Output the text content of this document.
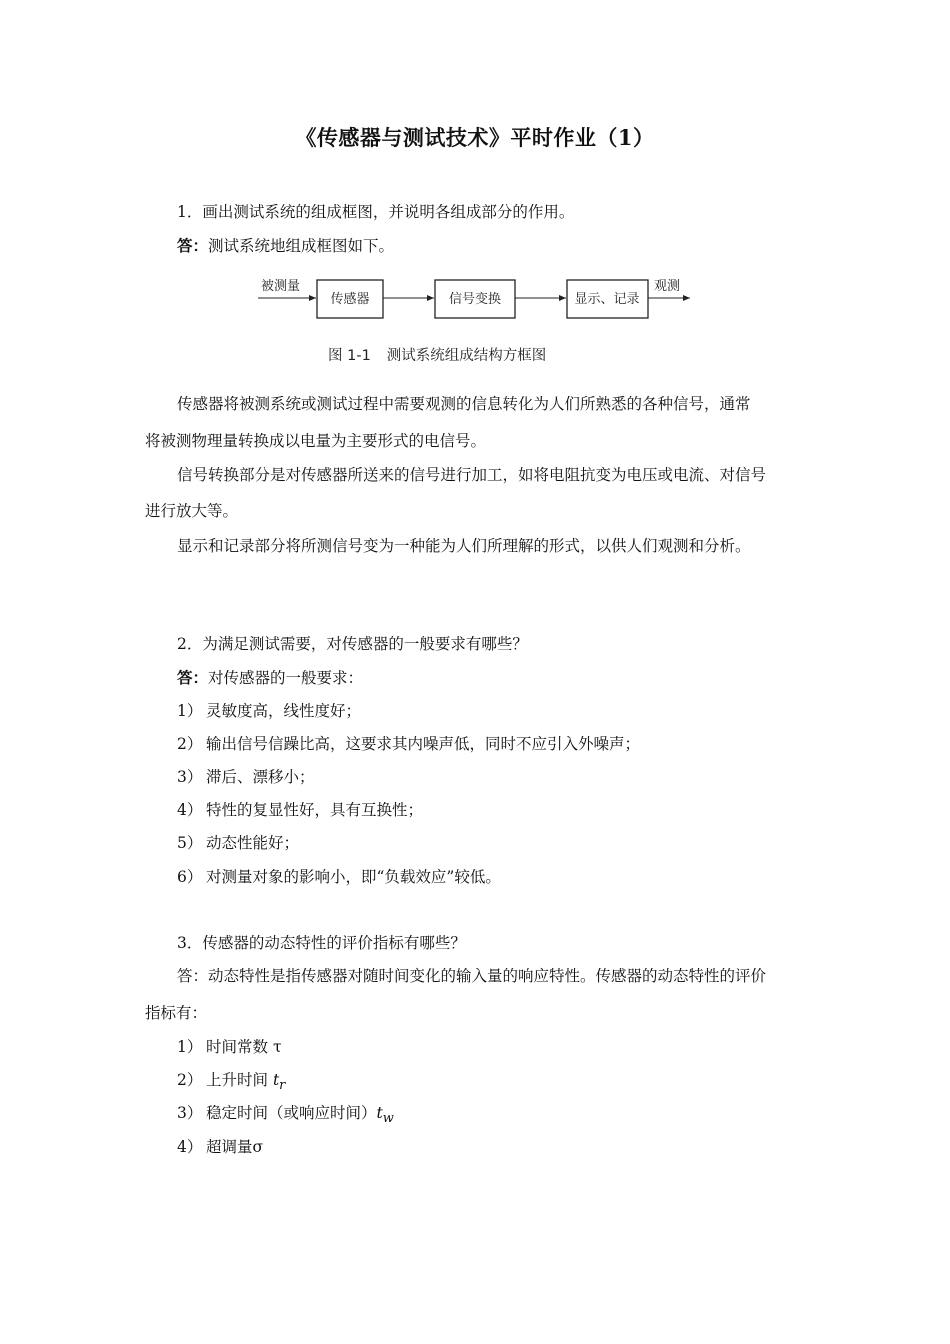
《传感器与测试技术》平时作业（1）
1．画出测试系统的组成框图，并说明各组成部分的作用。
答：测试系统地组成框图如下。
被测量
传感器	信号变换	显示、记录
观测
图 1-1 测试系统组成结构方框图
传感器将被测系统或测试过程中需要观测的信息转化为人们所熟悉的各种信号，通常
将被测物理量转换成以电量为主要形式的电信号。
信号转换部分是对传感器所送来的信号进行加工，如将电阻抗变为电压或电流、对信号
进行放大等。
显示和记录部分将所测信号变为一种能为人们所理解的形式，以供人们观测和分析。
2．为满足测试需要，对传感器的一般要求有哪些？
答：对传感器的一般要求：
1） 灵敏度高，线性度好；
2） 输出信号信躁比高，这要求其内噪声低，同时不应引入外噪声；
3） 滞后、漂移小；
4） 特性的复显性好，具有互换性；
5） 动态性能好；
6） 对测量对象的影响小，即“负载效应”较低。
3．传感器的动态特性的评价指标有哪些？
答：动态特性是指传感器对随时间变化的输入量的响应特性。传感器的动态特性的评价
指标有：
1） 时间常数 τ
2） 上升时间 $t_r$
3） 稳定时间（或响应时间）$t_w$
4） 超调量σ
